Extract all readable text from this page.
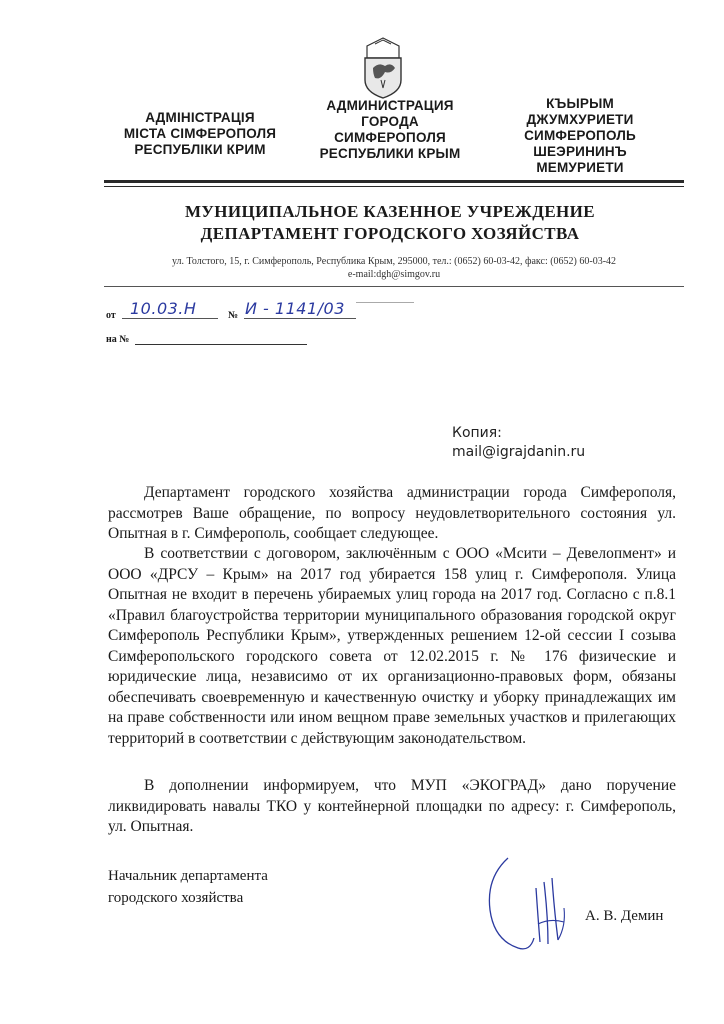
АДМІНІСТРАЦІЯ
МІСТА СІМФЕРОПОЛЯ
РЕСПУБЛІКИ КРИМ
АДМИНИСТРАЦИЯ
ГОРОДА
СИМФЕРОПОЛЯ
РЕСПУБЛИКИ КРЫМ
КЪЫРЫМ
ДЖУМХУРИЕТИ
СИМФЕРОПОЛЬ
ШЕЭРИНИНЪ
МЕМУРИЕТИ
МУНИЦИПАЛЬНОЕ КАЗЕННОЕ УЧРЕЖДЕНИЕ
ДЕПАРТАМЕНТ ГОРОДСКОГО ХОЗЯЙСТВА
ул. Толстого, 15, г. Симферополь, Республика Крым, 295000, тел.: (0652) 60-03-42, факс: (0652) 60-03-42
e-mail:dgh@simgov.ru
от 10.03.Н	№ И - 1141/03
на №
Копия:
mail@igrajdanin.ru
Департамент городского хозяйства администрации города Симферополя, рассмотрев Ваше обращение, по вопросу неудовлетворительного состояния ул. Опытная в г. Симферополь, сообщает следующее.
В соответствии с договором, заключённым с ООО «Мсити – Девелопмент» и ООО «ДРСУ – Крым» на 2017 год убирается 158 улиц г. Симферополя. Улица Опытная не входит в перечень убираемых улиц города на 2017 год. Согласно с п.8.1 «Правил благоустройства территории муниципального образования городской округ Симферополь Республики Крым», утвержденных решением 12-ой сессии I созыва Симферопольского городского совета от 12.02.2015 г. № 176 физические и юридические лица, независимо от их организационно-правовых форм, обязаны обеспечивать своевременную и качественную очистку и уборку принадлежащих им на праве собственности или ином вещном праве земельных участков и прилегающих территорий в соответствии с действующим законодательством.
В дополнении информируем, что МУП «ЭКОГРАД» дано поручение ликвидировать навалы ТКО у контейнерной площадки по адресу: г. Симферополь, ул. Опытная.
Начальник департамента
городского хозяйства
А. В. Демин
